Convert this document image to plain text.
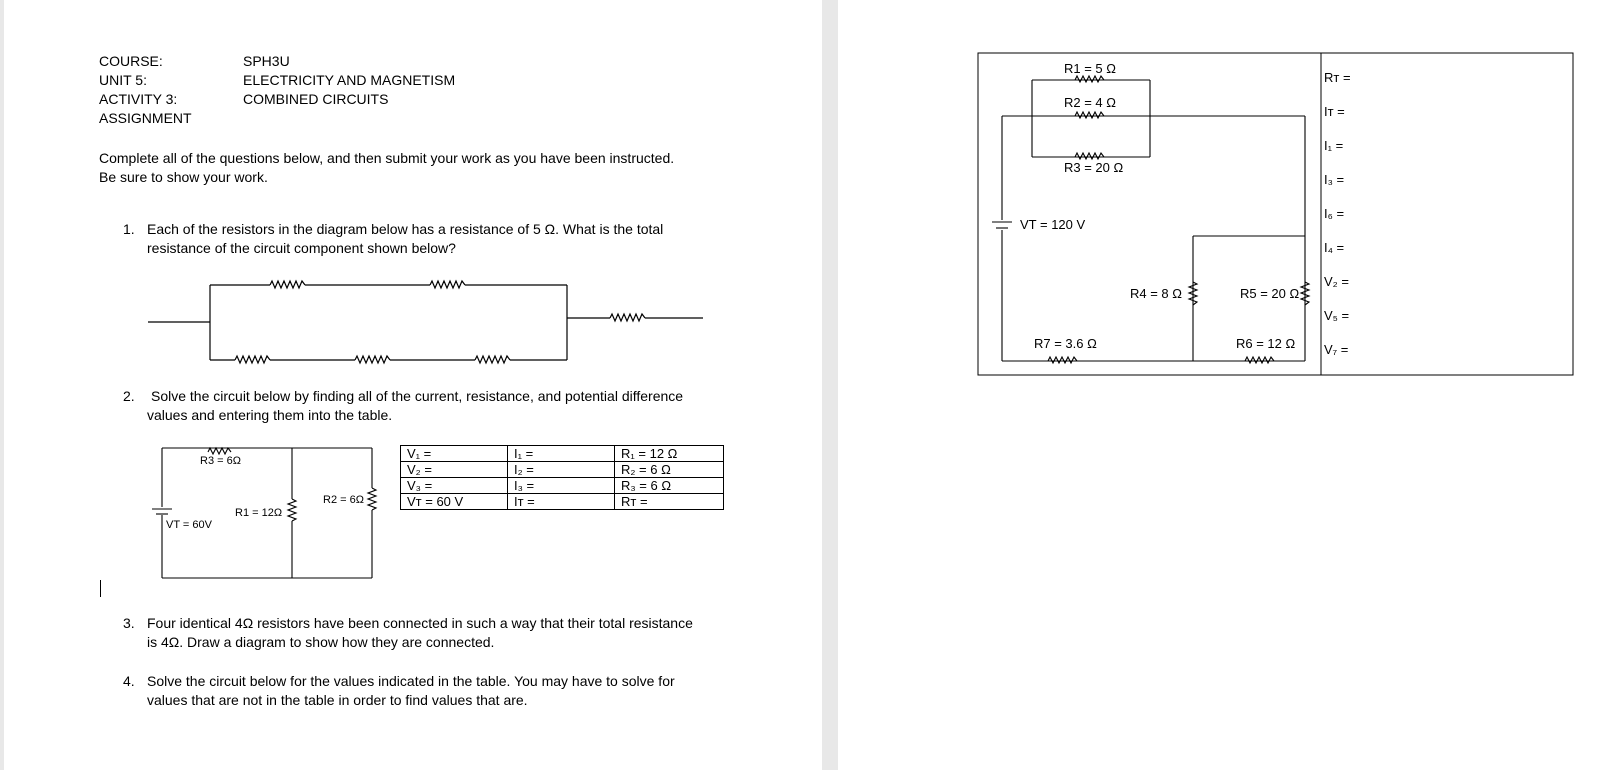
COURSE:	SPH3U
UNIT 5:	ELECTRICITY AND MAGNETISM
ACTIVITY 3:	COMBINED CIRCUITS
ASSIGNMENT
Complete all of the questions below, and then submit your work as you have been instructed.
Be sure to show your work.
1. Each of the resistors in the diagram below has a resistance of 5 Ω. What is the total
resistance of the circuit component shown below?
2. Solve the circuit below by finding all of the current, resistance, and potential difference
values and entering them into the table.
R3 = 6Ω
R1 = 12Ω
R2 = 6Ω
VT = 60V
V₁ =	I₁ =	R₁ = 12 Ω
V₂ =	I₂ =	R₂ = 6 Ω
V₃ =	I₃ =	R₃ = 6 Ω
Vт = 60 V	Iт =	Rт =
3. Four identical 4Ω resistors have been connected in such a way that their total resistance
is 4Ω. Draw a diagram to show how they are connected.
4. Solve the circuit below for the values indicated in the table. You may have to solve for
values that are not in the table in order to find values that are.
R1 = 5 Ω
R2 = 4 Ω
R3 = 20 Ω
VT = 120 V
R4 = 8 Ω	R5 = 20 Ω
R7 = 3.6 Ω	R6 = 12 Ω
Rт =
Iт =
I₁ =
I₃ =
I₆ =
I₄ =
V₂ =
V₅ =
V₇ =
